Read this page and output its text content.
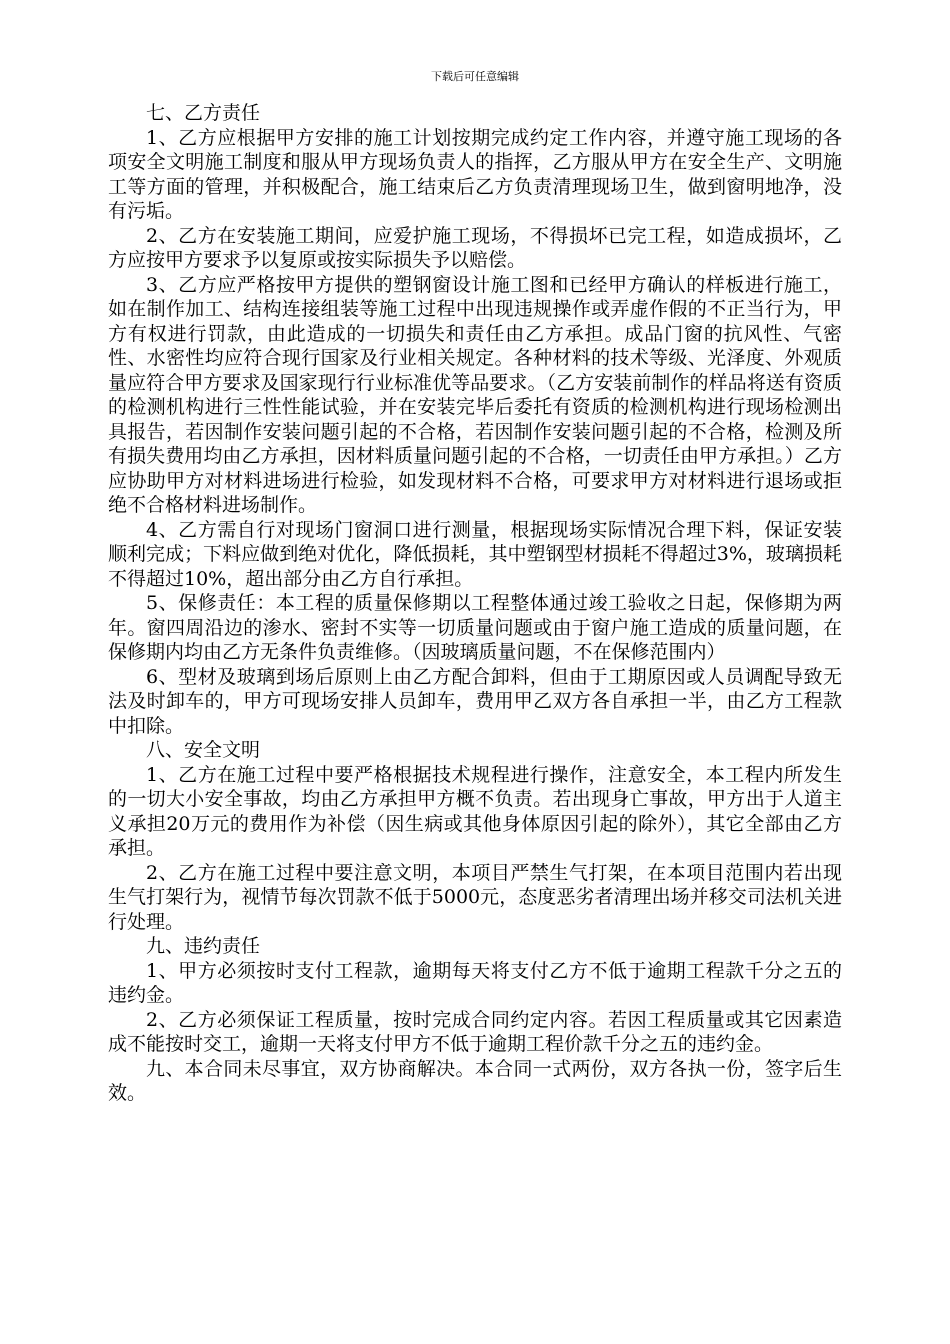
下载后可任意编辑

七、乙方责任

1、乙方应根据甲方安排的施工计划按期完成约定工作内容，并遵守施工现场的各项安全文明施工制度和服从甲方现场负责人的指挥，乙方服从甲方在安全生产、文明施工等方面的管理，并积极配合，施工结束后乙方负责清理现场卫生，做到窗明地净，没有污垢。

2、乙方在安装施工期间，应爱护施工现场，不得损坏已完工程，如造成损坏，乙方应按甲方要求予以复原或按实际损失予以赔偿。

3、乙方应严格按甲方提供的塑钢窗设计施工图和已经甲方确认的样板进行施工，如在制作加工、结构连接组装等施工过程中出现违规操作或弄虚作假的不正当行为，甲方有权进行罚款，由此造成的一切损失和责任由乙方承担。成品门窗的抗风性、气密性、水密性均应符合现行国家及行业相关规定。各种材料的技术等级、光泽度、外观质量应符合甲方要求及国家现行行业标准优等品要求。（乙方安装前制作的样品将送有资质的检测机构进行三性性能试验，并在安装完毕后委托有资质的检测机构进行现场检测出具报告，若因制作安装问题引起的不合格，若因制作安装问题引起的不合格，检测及所有损失费用均由乙方承担，因材料质量问题引起的不合格，一切责任由甲方承担。）乙方应协助甲方对材料进场进行检验，如发现材料不合格，可要求甲方对材料进行退场或拒绝不合格材料进场制作。

4、乙方需自行对现场门窗洞口进行测量，根据现场实际情况合理下料，保证安装顺利完成；下料应做到绝对优化，降低损耗，其中塑钢型材损耗不得超过3%，玻璃损耗不得超过10%，超出部分由乙方自行承担。

5、保修责任：本工程的质量保修期以工程整体通过竣工验收之日起，保修期为两年。窗四周沿边的渗水、密封不实等一切质量问题或由于窗户施工造成的质量问题，在保修期内均由乙方无条件负责维修。（因玻璃质量问题，不在保修范围内）

6、型材及玻璃到场后原则上由乙方配合卸料，但由于工期原因或人员调配导致无法及时卸车的，甲方可现场安排人员卸车，费用甲乙双方各自承担一半，由乙方工程款中扣除。

八、安全文明

1、乙方在施工过程中要严格根据技术规程进行操作，注意安全，本工程内所发生的一切大小安全事故，均由乙方承担甲方概不负责。若出现身亡事故，甲方出于人道主义承担20万元的费用作为补偿（因生病或其他身体原因引起的除外），其它全部由乙方承担。

2、乙方在施工过程中要注意文明，本项目严禁生气打架，在本项目范围内若出现生气打架行为，视情节每次罚款不低于5000元，态度恶劣者清理出场并移交司法机关进行处理。

九、违约责任

1、甲方必须按时支付工程款，逾期每天将支付乙方不低于逾期工程款千分之五的违约金。

2、乙方必须保证工程质量，按时完成合同约定内容。若因工程质量或其它因素造成不能按时交工，逾期一天将支付甲方不低于逾期工程价款千分之五的违约金。

九、本合同未尽事宜，双方协商解决。本合同一式两份，双方各执一份，签字后生效。
